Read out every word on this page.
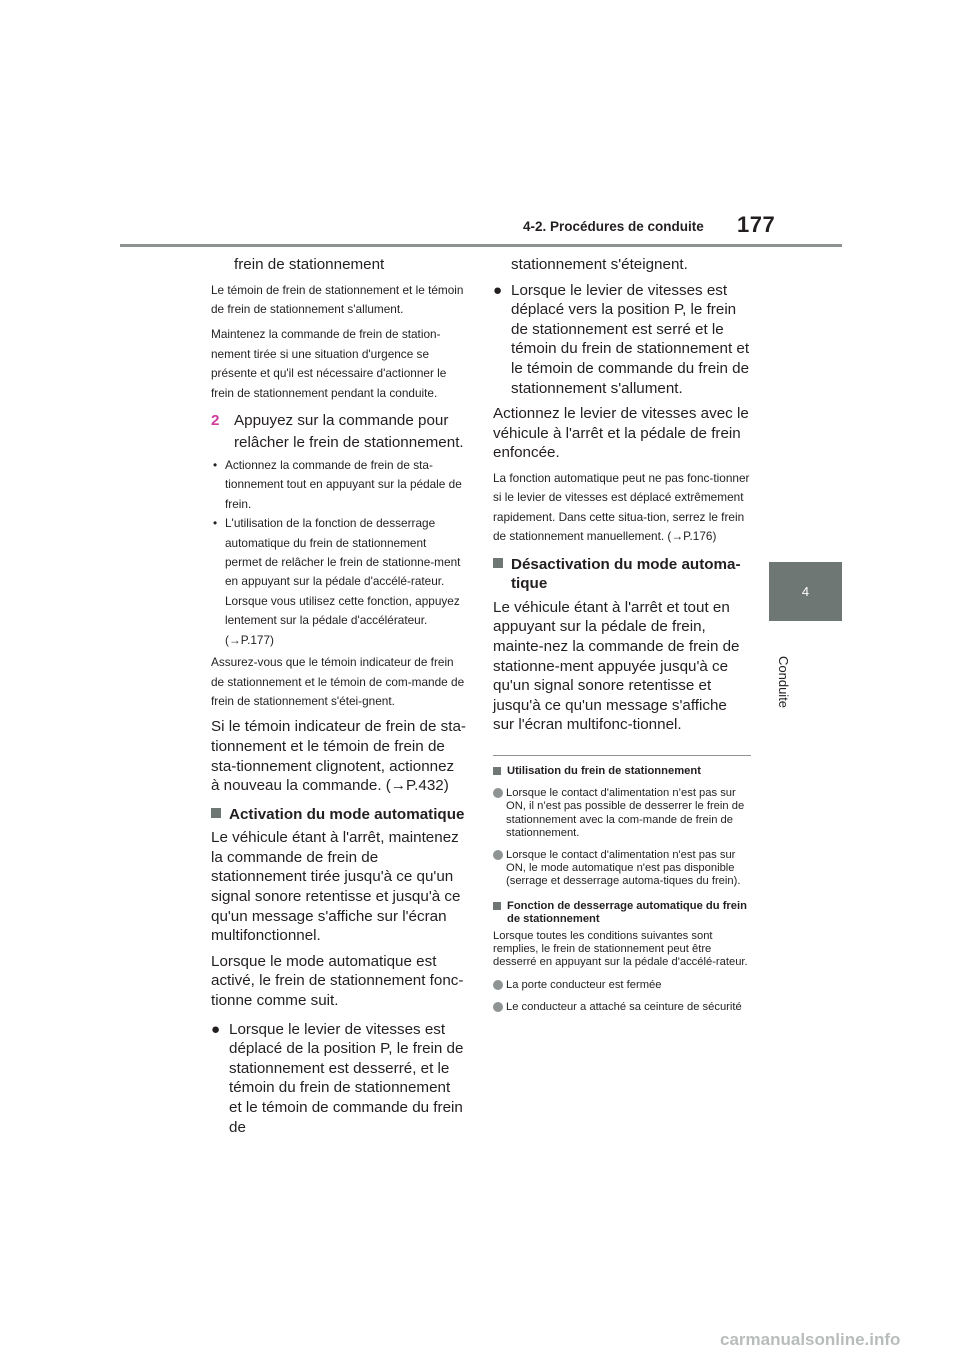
4-2. Procédures de conduite 177
4
Conduite

frein de stationnement

Le témoin de frein de stationnement et le témoin de frein de stationnement s'allument.

Maintenez la commande de frein de station-nement tirée si une situation d'urgence se présente et qu'il est nécessaire d'actionner le frein de stationnement pendant la conduite.

2 Appuyez sur la commande pour relâcher le frein de stationnement.
• Actionnez la commande de frein de sta-tionnement tout en appuyant sur la pédale de frein.
• L'utilisation de la fonction de desserrage automatique du frein de stationnement permet de relâcher le frein de stationne-ment en appuyant sur la pédale d'accélé-rateur. Lorsque vous utilisez cette fonction, appuyez lentement sur la pédale d'accélérateur. (→P.177)

Assurez-vous que le témoin indicateur de frein de stationnement et le témoin de com-mande de frein de stationnement s'étei-gnent.

Si le témoin indicateur de frein de sta-tionnement et le témoin de frein de sta-tionnement clignotent, actionnez à nouveau la commande. (→P.432)

Activation du mode automatique

Le véhicule étant à l'arrêt, maintenez la commande de frein de stationnement tirée jusqu'à ce qu'un signal sonore retentisse et jusqu'à ce qu'un message s'affiche sur l'écran multifonctionnel.

Lorsque le mode automatique est activé, le frein de stationnement fonc-tionne comme suit.

● Lorsque le levier de vitesses est déplacé de la position P, le frein de stationnement est desserré, et le témoin du frein de stationnement et le témoin de commande du frein de

stationnement s'éteignent.

● Lorsque le levier de vitesses est déplacé vers la position P, le frein de stationnement est serré et le témoin du frein de stationnement et le témoin de commande du frein de stationnement s'allument.

Actionnez le levier de vitesses avec le véhicule à l'arrêt et la pédale de frein enfoncée.

La fonction automatique peut ne pas fonc-tionner si le levier de vitesses est déplacé extrêmement rapidement. Dans cette situa-tion, serrez le frein de stationnement manuellement. (→P.176)

Désactivation du mode automa-tique

Le véhicule étant à l'arrêt et tout en appuyant sur la pédale de frein, mainte-nez la commande de frein de stationne-ment appuyée jusqu'à ce qu'un signal sonore retentisse et jusqu'à ce qu'un message s'affiche sur l'écran multifonc-tionnel.

Utilisation du frein de stationnement
Lorsque le contact d'alimentation n’est pas sur ON, il n’est pas possible de desserrer le frein de stationnement avec la com-mande de frein de stationnement.
Lorsque le contact d'alimentation n'est pas sur ON, le mode automatique n'est pas disponible (serrage et desserrage automa-tiques du frein).
Fonction de desserrage automatique du frein de stationnement

Lorsque toutes les conditions suivantes sont remplies, le frein de stationnement peut être desserré en appuyant sur la pédale d'accélé-rateur.

La porte conducteur est fermée
Le conducteur a attaché sa ceinture de sécurité
carmanualsonline.info
